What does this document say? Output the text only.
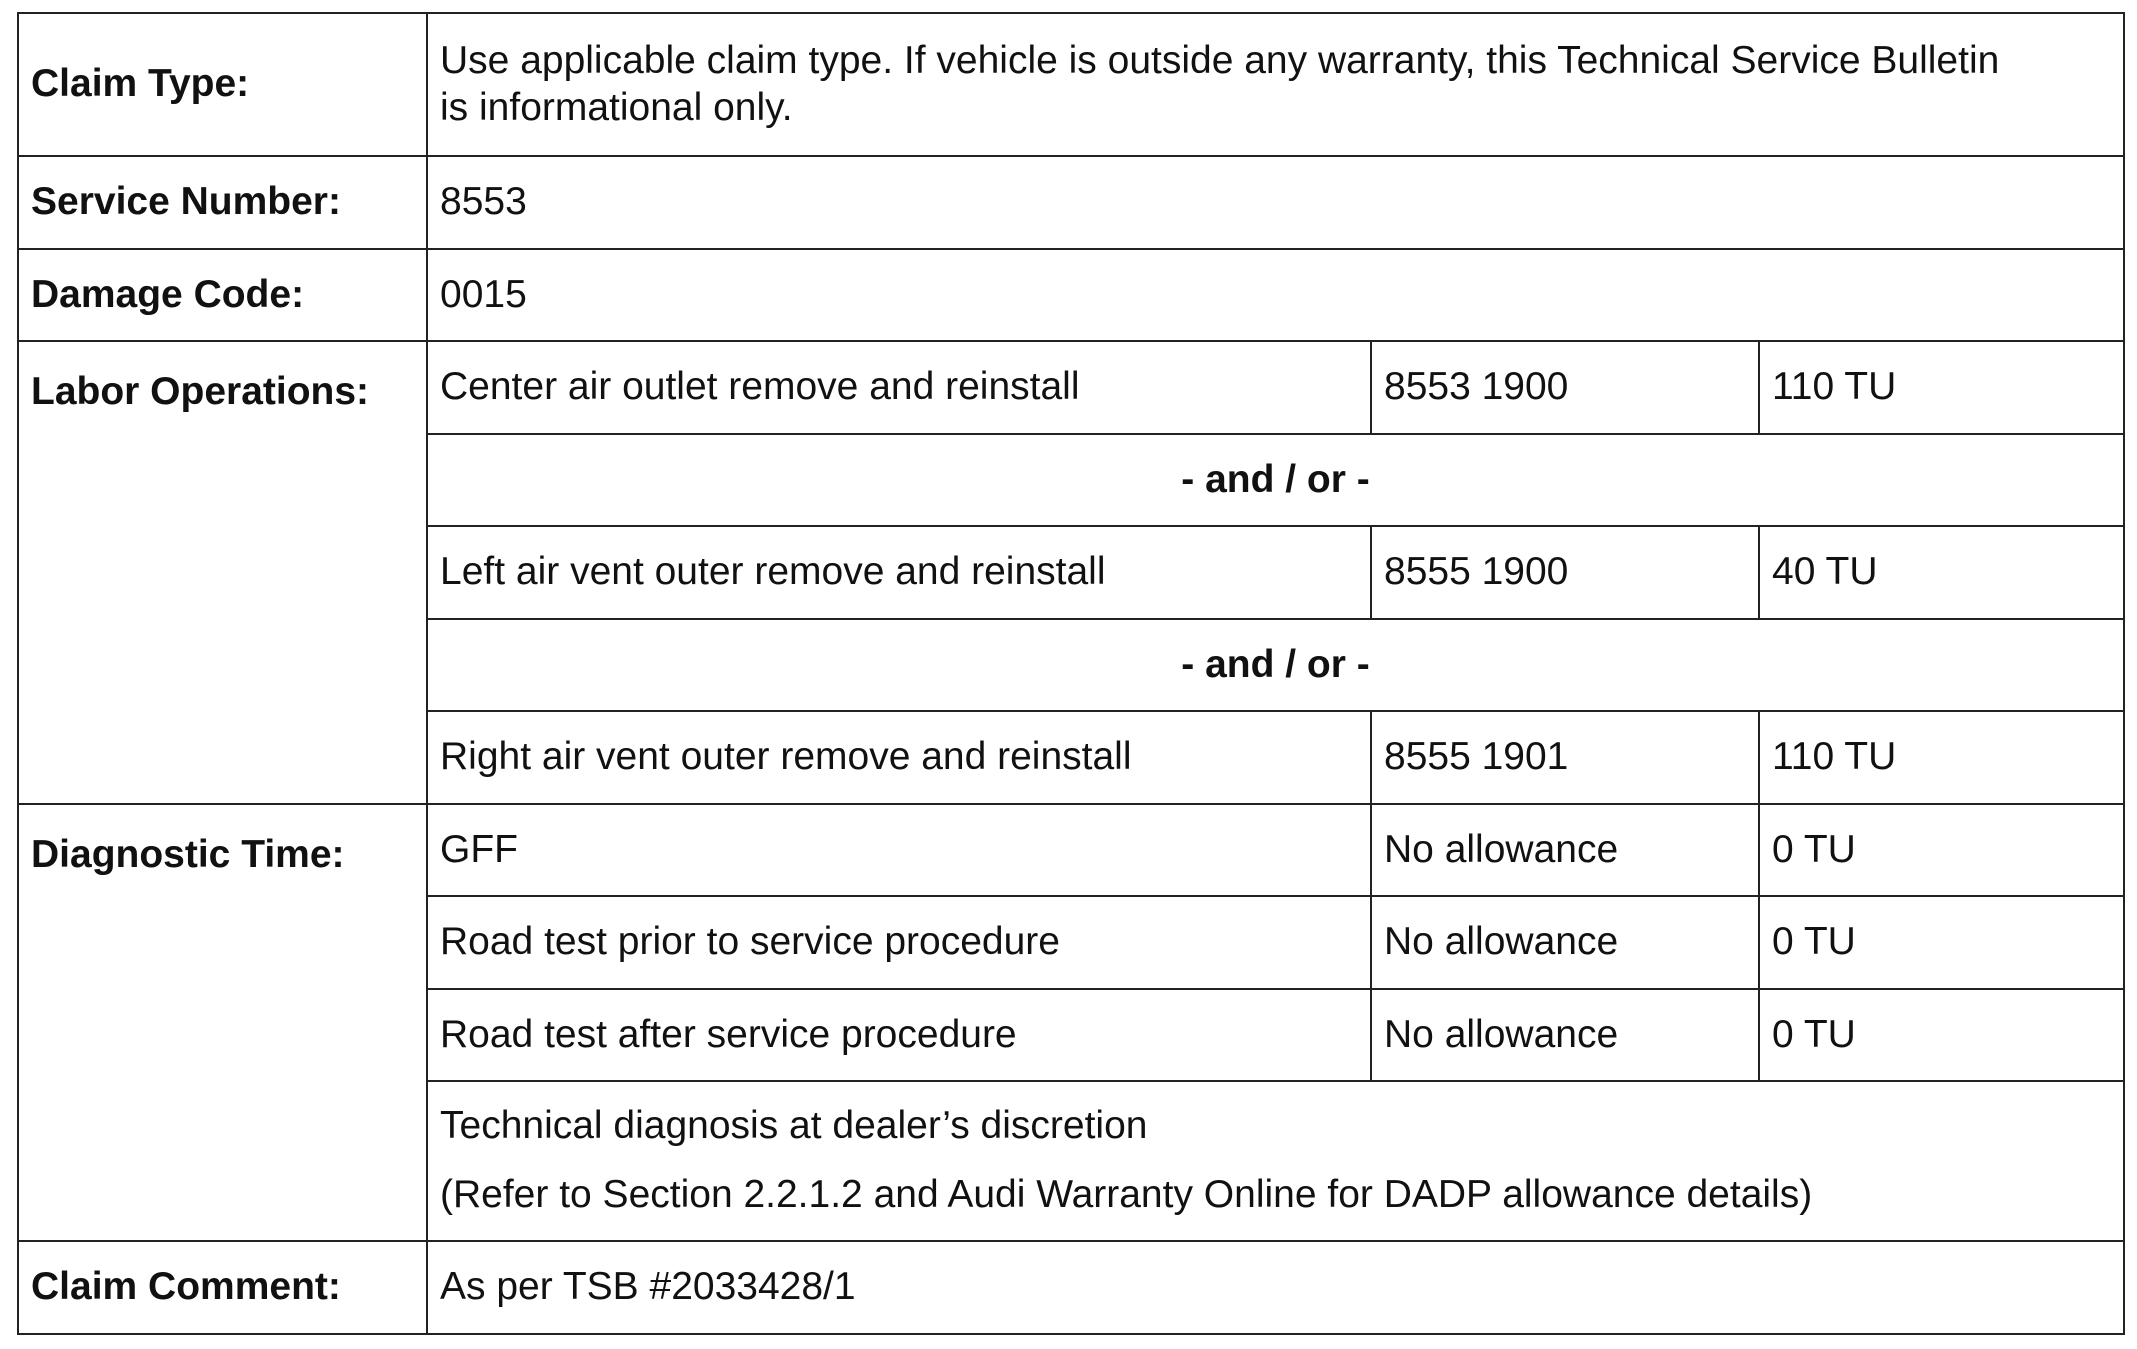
Claim Type:	Use applicable claim type. If vehicle is outside any warranty, this Technical Service Bulletin
is informational only.		

Service Number:	8553		

Damage Code:	0015		

Labor Operations:	Center air outlet remove and reinstall	8553 1900	110 TU
	- and / or -		
	Left air vent outer remove and reinstall	8555 1900	40 TU
	- and / or -		
	Right air vent outer remove and reinstall	8555 1901	110 TU

Diagnostic Time:	GFF	No allowance	0 TU
	Road test prior to service procedure	No allowance	0 TU
	Road test after service procedure	No allowance	0 TU

	Technical diagnosis at dealer’s discretion
(Refer to Section 2.2.1.2 and Audi Warranty Online for DADP allowance details)		

Claim Comment:	As per TSB #2033428/1		
